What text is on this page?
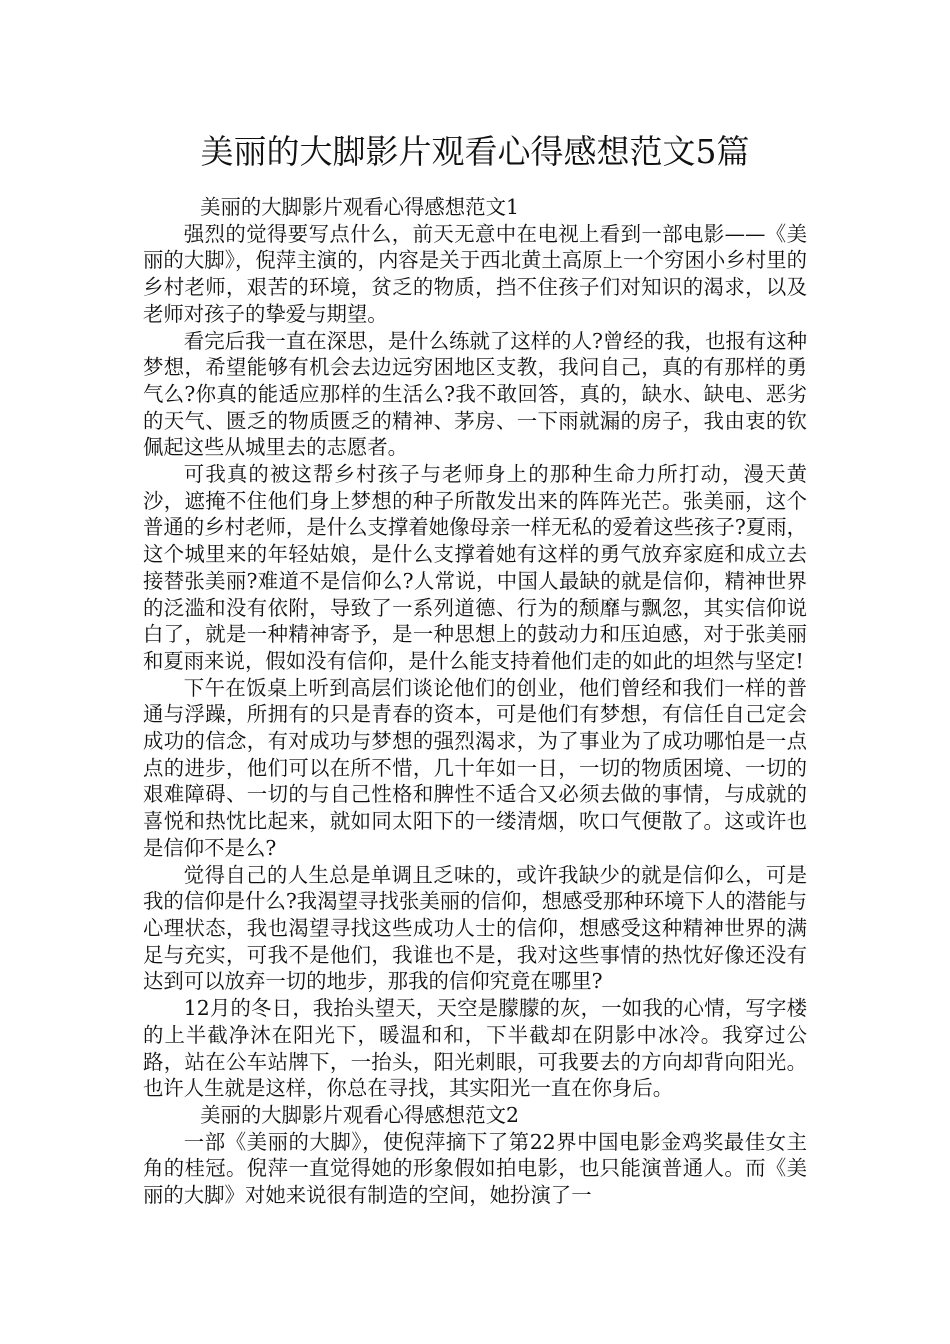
美丽的大脚影片观看心得感想范文5篇

美丽的大脚影片观看心得感想范文1

强烈的觉得要写点什么，前天无意中在电视上看到一部电影——《美丽的大脚》，倪萍主演的，内容是关于西北黄土高原上一个穷困小乡村里的乡村老师，艰苦的环境，贫乏的物质，挡不住孩子们对知识的渴求，以及老师对孩子的挚爱与期望。

看完后我一直在深思，是什么练就了这样的人?曾经的我，也报有这种梦想，希望能够有机会去边远穷困地区支教，我问自己，真的有那样的勇气么?你真的能适应那样的生活么?我不敢回答，真的，缺水、缺电、恶劣的天气、匮乏的物质匮乏的精神、茅房、一下雨就漏的房子，我由衷的钦佩起这些从城里去的志愿者。

可我真的被这帮乡村孩子与老师身上的那种生命力所打动，漫天黄沙，遮掩不住他们身上梦想的种子所散发出来的阵阵光芒。张美丽，这个普通的乡村老师，是什么支撑着她像母亲一样无私的爱着这些孩子?夏雨，这个城里来的年轻姑娘，是什么支撑着她有这样的勇气放弃家庭和成立去接替张美丽?难道不是信仰么?人常说，中国人最缺的就是信仰，精神世界的泛滥和没有依附，导致了一系列道德、行为的颓靡与飘忽，其实信仰说白了，就是一种精神寄予，是一种思想上的鼓动力和压迫感，对于张美丽和夏雨来说，假如没有信仰，是什么能支持着他们走的如此的坦然与坚定!

下午在饭桌上听到高层们谈论他们的创业，他们曾经和我们一样的普通与浮躁，所拥有的只是青春的资本，可是他们有梦想，有信任自己定会成功的信念，有对成功与梦想的强烈渴求，为了事业为了成功哪怕是一点点的进步，他们可以在所不惜，几十年如一日，一切的物质困境、一切的艰难障碍、一切的与自己性格和脾性不适合又必须去做的事情，与成就的喜悦和热忱比起来，就如同太阳下的一缕清烟，吹口气便散了。这或许也是信仰不是么?

觉得自己的人生总是单调且乏味的，或许我缺少的就是信仰么，可是我的信仰是什么?我渴望寻找张美丽的信仰，想感受那种环境下人的潜能与心理状态，我也渴望寻找这些成功人士的信仰，想感受这种精神世界的满足与充实，可我不是他们，我谁也不是，我对这些事情的热忱好像还没有达到可以放弃一切的地步，那我的信仰究竟在哪里?

12月的冬日，我抬头望天，天空是朦朦的灰，一如我的心情，写字楼的上半截净沐在阳光下，暖温和和，下半截却在阴影中冰冷。我穿过公路，站在公车站牌下，一抬头，阳光刺眼，可我要去的方向却背向阳光。也许人生就是这样，你总在寻找，其实阳光一直在你身后。

美丽的大脚影片观看心得感想范文2

一部《美丽的大脚》，使倪萍摘下了第22界中国电影金鸡奖最佳女主角的桂冠。倪萍一直觉得她的形象假如拍电影，也只能演普通人。而《美丽的大脚》对她来说很有制造的空间，她扮演了一
